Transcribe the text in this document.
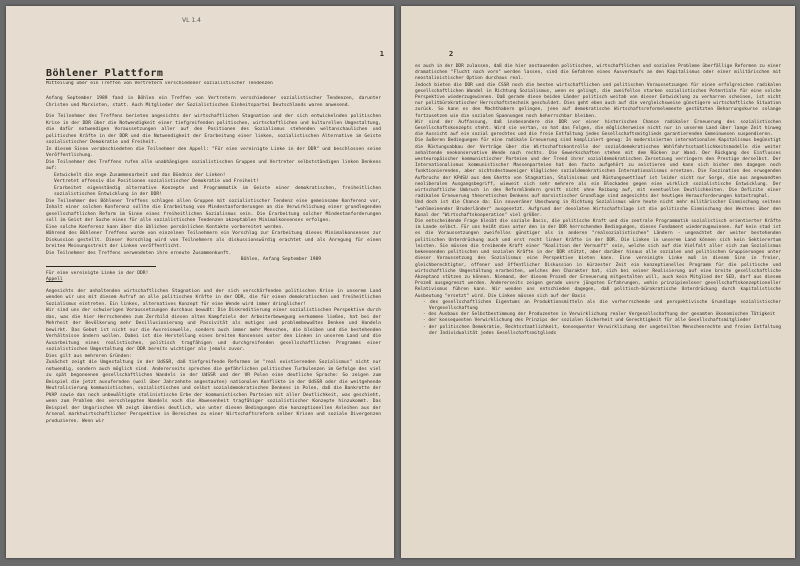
VL 1.4
1
Böhlener Plattform
Mitteilung über ein Treffen von Vertretern verschiedener sozialistischer Tendenzen

Anfang September 1989 fand in Böhlen ein Treffen von Vertretern verschiedener sozialistischer Tendenzen, darunter Christen und Marxisten, statt. Auch Mitglieder der Sozialistischen Einheitspartei Deutschlands waren anwesend.

Die Teilnehmer des Treffens berieten angesichts der wirtschaftlichen Stagnation und der sich entwickelnden politischen Krise in der DDR über die Notwendigkeit einer tiefgreifenden politischen, wirtschaftlichen und kulturellen Umgestaltung, die dafür notwendigen Voraussetzungen aller auf den Positionen des Sozialismus stehenden weltanschaulichen und politischen Kräfte in der DDR und die Notwendigkeit der Erarbeitung einer linken, sozialistischen Alternative im Geiste sozialistischer Demokratie und Freiheit.

In diesem Sinne verabschiedeten die Teilnehmer den Appell: "Für eine vereinigte Linke in der DDR" und beschlossen seine Veröffentlichung.

Die Teilnehmer des Treffens rufen alle unabhängigen sozialistischen Gruppen und Vertreter selbstständigen linken Denkens auf:

Entwickelt die enge Zusammenarbeit und das Bündnis der Linken!

Vertretet offensiv die Positionen sozialistischer Demokratie und Freiheit!

Erarbeitet eigenständig alternative Konzepte und Programmatik im Geiste einer demokratischen, freiheitlichen sozialistischen Entwicklung in der DDR!

Die Teilnehmer des Böhlener Treffens schlagen allen Gruppen mit sozialistischer Tendenz eine gemeinsame Konferenz vor, Inhalt einer solchen Konferenz sollte die Erarbeitung von Mindestanforderungen an die Verwirklichung einer grundlegenden gesellschaftlichen Reform im Sinne eines freiheitlichen Sozialismus sein. Die Erarbeitung solcher Mindestanforderungen soll im Geist der Suche eines für alle sozialistischen Tendenzen akzeptablen Minimalkonsenses erfolgen.

Eine solche Konferenz kann über die üblichen persönlichen Kontakte vorbereitet werden.

Während des Böhlener Treffens wurde von einzelnen Teilnehmern ein Vorschlag zur Erarbeitung dieses Minimalkonsenses zur Diskussion gestellt. Dieser Vorschlag wird von Teilnehmern als diskussionswürdig erachtet und als Anregung für einen breiten Meinungsstreit der Linken veröffentlicht.

Die Teilnehmer des Treffens verwendeten ihre erneute Zusammenkunft.

Böhlen, Anfang September 1989

Für eine vereinigte Linke in der DDR!

Appell

Angesichts der anhaltenden wirtschaftlichen Stagnation und der sich verschärfenden politischen Krise in unserem Land wenden wir uns mit diesem Aufruf an alle politischen Kräfte in der DDR, die für einen demokratischen und freiheitlichen Sozialismus eintreten. Ein linkes, alternatives Konzept für eine Wende wird immer dringlicher!

Wir sind uns der schwierigen Voraussetzungen durchaus bewußt: Die Diskreditierung einer sozialistischen Perspektive durch das, was die hier Herrschenden zum Zerrbild diesen alten Kampfziels der Arbeiterbewegung verkommen ließen, hat bei der Mehrheit der Bevölkerung mehr Desillusionierung und Passivität als mutiges und problembewußtes Denken und Handeln bewirkt. Das Gebot ist nicht nur die Ausreisewelle, sondern auch immer mehr Menschen, die bleiben und die bestehenden Verhältnisse ändern wollen. Dabei ist die Herstellung eines breiten Konsenses unter den Linken in unserem Land und die Ausarbeitung eines realistischen, politisch tragfähigen und durchgreifenden gesellschaftlichen Programms einer sozialistischen Umgestaltung der DDR bereits wichtiger als jemals zuvor.

Dies gilt aus mehreren Gründen:

Zunächst zeigt die Umgestaltung in der UdSSR, daß tiefgreifende Reformen im "real existierenden Sozialismus" nicht nur notwendig, sondern auch möglich sind. Andererseits sprechen die gefährlichen politischen Turbulenzen im Gefolge des viel zu spät begonnenen gesellschaftlichen Wandels in der UdSSR und der VR Polen eine deutliche Sprache: So zeigen zum Beispiel die jetzt ausufernden (weil über Jahrzehnte angestauten) nationalen Konflikte in der UdSSR oder die weitgehende Neutralisierung kommunistischen, sozialistischen und selbst sozialdemokratischen Denkens in Polen, daß die Bankrotte der PVAP sowie das noch unbewältigte stalinistische Erbe der kommunistischen Parteien mit aller Deutlichkeit, was geschieht, wenn zum Problem des verschleppten Wandels noch die Abwesenheit tragfähiger sozialistischer Konzepte hinzukommt. Das Beispiel der Ungarischen VR zeigt überdies deutlich, wie unter diesen Bedingungen die konzeptionellen Anleihen aus der Arsenal marktwirtschaftlicher Perspektive in Bereichen zu einer Wirtschaftsreform selber Krisen und soziale Divergenzen produzieren. Wenn wir

2

es auch in der DDR zulassen, daß die hier anstauenden politischen, wirtschaftlichen und sozialen Probleme überfällige Reformen zu einer dramatischen "Flucht nach vorn" werden lassen, sind die Gefahren eines Ausverkaufs an den Kapitalismus oder einer militärischen mit neostalinistischer Option durchaus real.

Jedoch bieten die DDR und die CSSR noch die besten wirtschaftlichen und politischen Voraussetzungen für einen erfolgreichen radikalen gesellschaftlichen Wandel in Richtung Sozialismus, wenn es gelingt, die zweifellos starken sozialistischen Potentiale für eine solche Perspektive wiederzugewinnen. Daß gerade diese beiden Länder politisch weitab von dieser Entwicklung zu verharren scheinen, ist nicht nur politbürokratischer Herrschaftstechnik geschuldet. Dies geht eben auch auf die vergleichsweise günstigere wirtschaftliche Situation zurück. So kann es den Machthabern gelingen, jene auf demokratische Wirtschaftsreformelemente gestützten Beharrungskurse solange fortzusetzen wie die sozialen Spannungen noch beherrschbar bleiben.

Wir sind der Auffassung, daß insbesondere die DDR vor einer historischen Chance radikaler Erneuerung des sozialistischen Gesellschaftskonzepts steht. Wird sie vertan, so hat das Folgen, die möglicherweise nicht nur in unserem Land über lange Zeit hinweg die Aussicht auf ein sozial gerechtes und die freie Entfaltung jedes Gesellschaftsmitglieds garantierenden Gemeinwesen suspendieren.

Die äußeren Bedingungen für eine radikale Erneuerung sind kompliziert genug: In modernisierten internationalen Kapitalismus begünstigt die Rüstungsabbau der Verträge über die Wirtschaftskontrolle der sozialdemokratischen Wohlfahrtsstaatlichkeitsmodelle die weiter anhaltende neokonservative Wende nach rechts. Die Gewerkschaften stehen mit dem Rücken zur Wand. Der Rückgang des Einflusses westeuropäischer kommunistischer Parteien und der Trend ihrer sozialdemokratischen Zersetzung verringern den Prestige derselbst. Der Internationalismus kommunistischer Massenparteien hat den facto aufgehört zu existieren und kann sich bisher den dagegen noch funktionierenden, aber nichtsdestoweniger kläglichen sozialdemokratischen Internationalismus ersetzen. Die Faszination des erwogenden Aufbruchs der KPdSU aus dem Ghetto von Stagnation, Stalinismus und Rüstungswettlauf ist leider nicht nur Sorge, die aus angewandten neoliberalen Ausgangsbegriff, wieweit sich sehr mehrere als ein Blockaden gegen eine wirklich sozialistische Entwicklung. Der wirtschaftliche Umbruch in den Reformländern greift nicht ohne Reibung auf, mit eventuellen Deutlichkeiten. Die Defizite einer radikalen Erneuerung theoretischen Denkens auf marxistischer Grundlage sind angesichts der heutigen Herausforderungen katastrophal.

Und doch ist die Chance da: Ein souveräner Umschwung in Richtung Sozialismus wäre heute nicht mehr militärischer Einmischung seitens "wohlmeinender Bruderländer" ausgesetzt. Aufgrund der desolaten Wirtschaftslage ist die politische Einmischung des Westens über den Kanal der "Wirtschaftskooperation" viel größer.

Die entscheidende Frage bleibt die soziale Basis, die politische Kraft und die zentrale Programmatik sozialistisch orientierter Kräfte im Lande selbst. Für uns heißt dies unter den in der DDR herrschenden Bedingungen, dieses Fundament wiederzugewinnen. Auf kein stad ist es die Voraussetzungen zweifellos günstiger als in anderen "realsozialistischen" Ländern - ungeachtet der weiter bestehenden politischen Unterdrückung auch und erst recht linker Kräfte in der DDR. Die Linken in unserem Land können sich kein Sektierertum leisten. Sie müssen die treibende Kraft einer "Koalition der Vernunft" sein, welche sich auf die Vielfalt aller sich zum Sozialismus bekennenden politischen und sozialen Kräfte in der DDR stützt, aber darüber hinaus alle sozialen und politischen Gruppierungen unter dieser Voraussetzung des Sozialismus eine Perspektive bieten kann. Eine vereinigte Linke muß in diesem Sinn in freier, gleichberechtigter, offener und öffentlicher Diskussion in kürzester Zeit ein konzeptionelles Programm für die politische und wirtschaftliche Umgestaltung erarbeiten, welches den Charakter hat, sich bei seiner Realisierung auf eine breite gesellschaftliche Akzeptanz stützen zu können. Niemand, der diesem Prozeß der Erneuerung mitgestalten will, auch kein Mitglied der SED, darf aus diesem Prozeß ausgegrenzt werden. Andererseits zeigen gerade unsre jüngsten Erfahrungen, wohin prinzipienloser gesellschaftskonzeptioneller Relativismus führen kann. Wir wenden uns entschieden dagegen, daß politisch-bürokratische Unterdrückung durch kapitalistische Ausbeutung "ersetzt" wird. Die Linken müssen sich auf der Basis

- des gesellschaftlichen Eigentums an Produktionsmitteln als die vorherrschende und perspektivische Grundlage sozialistischer Vergesellschaftung
- des Ausbaus der Selbstbestimmung der Produzenten in Verwirklichung realer Vergesellschaftung der gesamten ökonomischen Tätigkeit
- der konsequenten Verwirklichung des Prinzips der sozialen Sicherheit und Gerechtigkeit für alle Gesellschaftsmitglieder
- der politischen Demokratie, Rechtsstaatlichkeit, konsequenter Verwirklichung der ungeteilten Menschenrechte und freien Entfaltung der Individualität jedes Gesellschaftsmitglieds
